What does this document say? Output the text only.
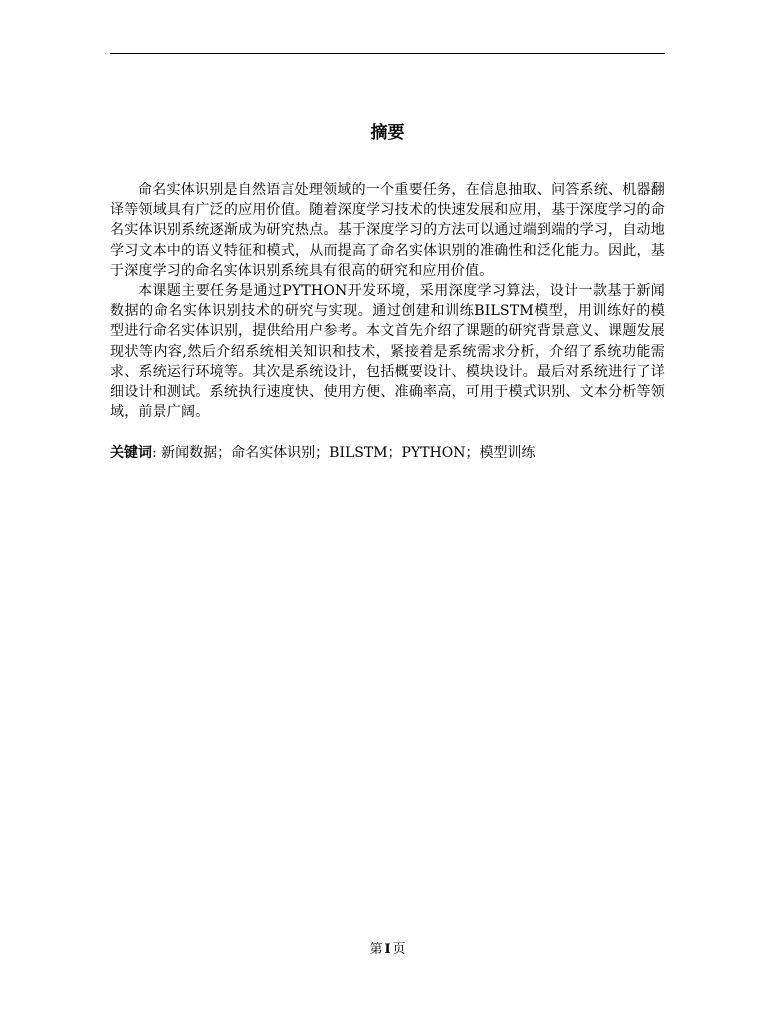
摘要

命名实体识别是自然语言处理领域的一个重要任务，在信息抽取、问答系统、机器翻译等领域具有广泛的应用价值。随着深度学习技术的快速发展和应用，基于深度学习的命名实体识别系统逐渐成为研究热点。基于深度学习的方法可以通过端到端的学习，自动地学习文本中的语义特征和模式，从而提高了命名实体识别的准确性和泛化能力。因此，基于深度学习的命名实体识别系统具有很高的研究和应用价值。

本课题主要任务是通过PYTHON开发环境，采用深度学习算法，设计一款基于新闻数据的命名实体识别技术的研究与实现。通过创建和训练BILSTM模型，用训练好的模型进行命名实体识别，提供给用户参考。本文首先介绍了课题的研究背景意义、课题发展现状等内容,然后介绍系统相关知识和技术，紧接着是系统需求分析，介绍了系统功能需求、系统运行环境等。其次是系统设计，包括概要设计、模块设计。最后对系统进行了详细设计和测试。系统执行速度快、使用方便、准确率高，可用于模式识别、文本分析等领域，前景广阔。

关键词: 新闻数据；命名实体识别；BILSTM；PYTHON；模型训练
第 I 页
